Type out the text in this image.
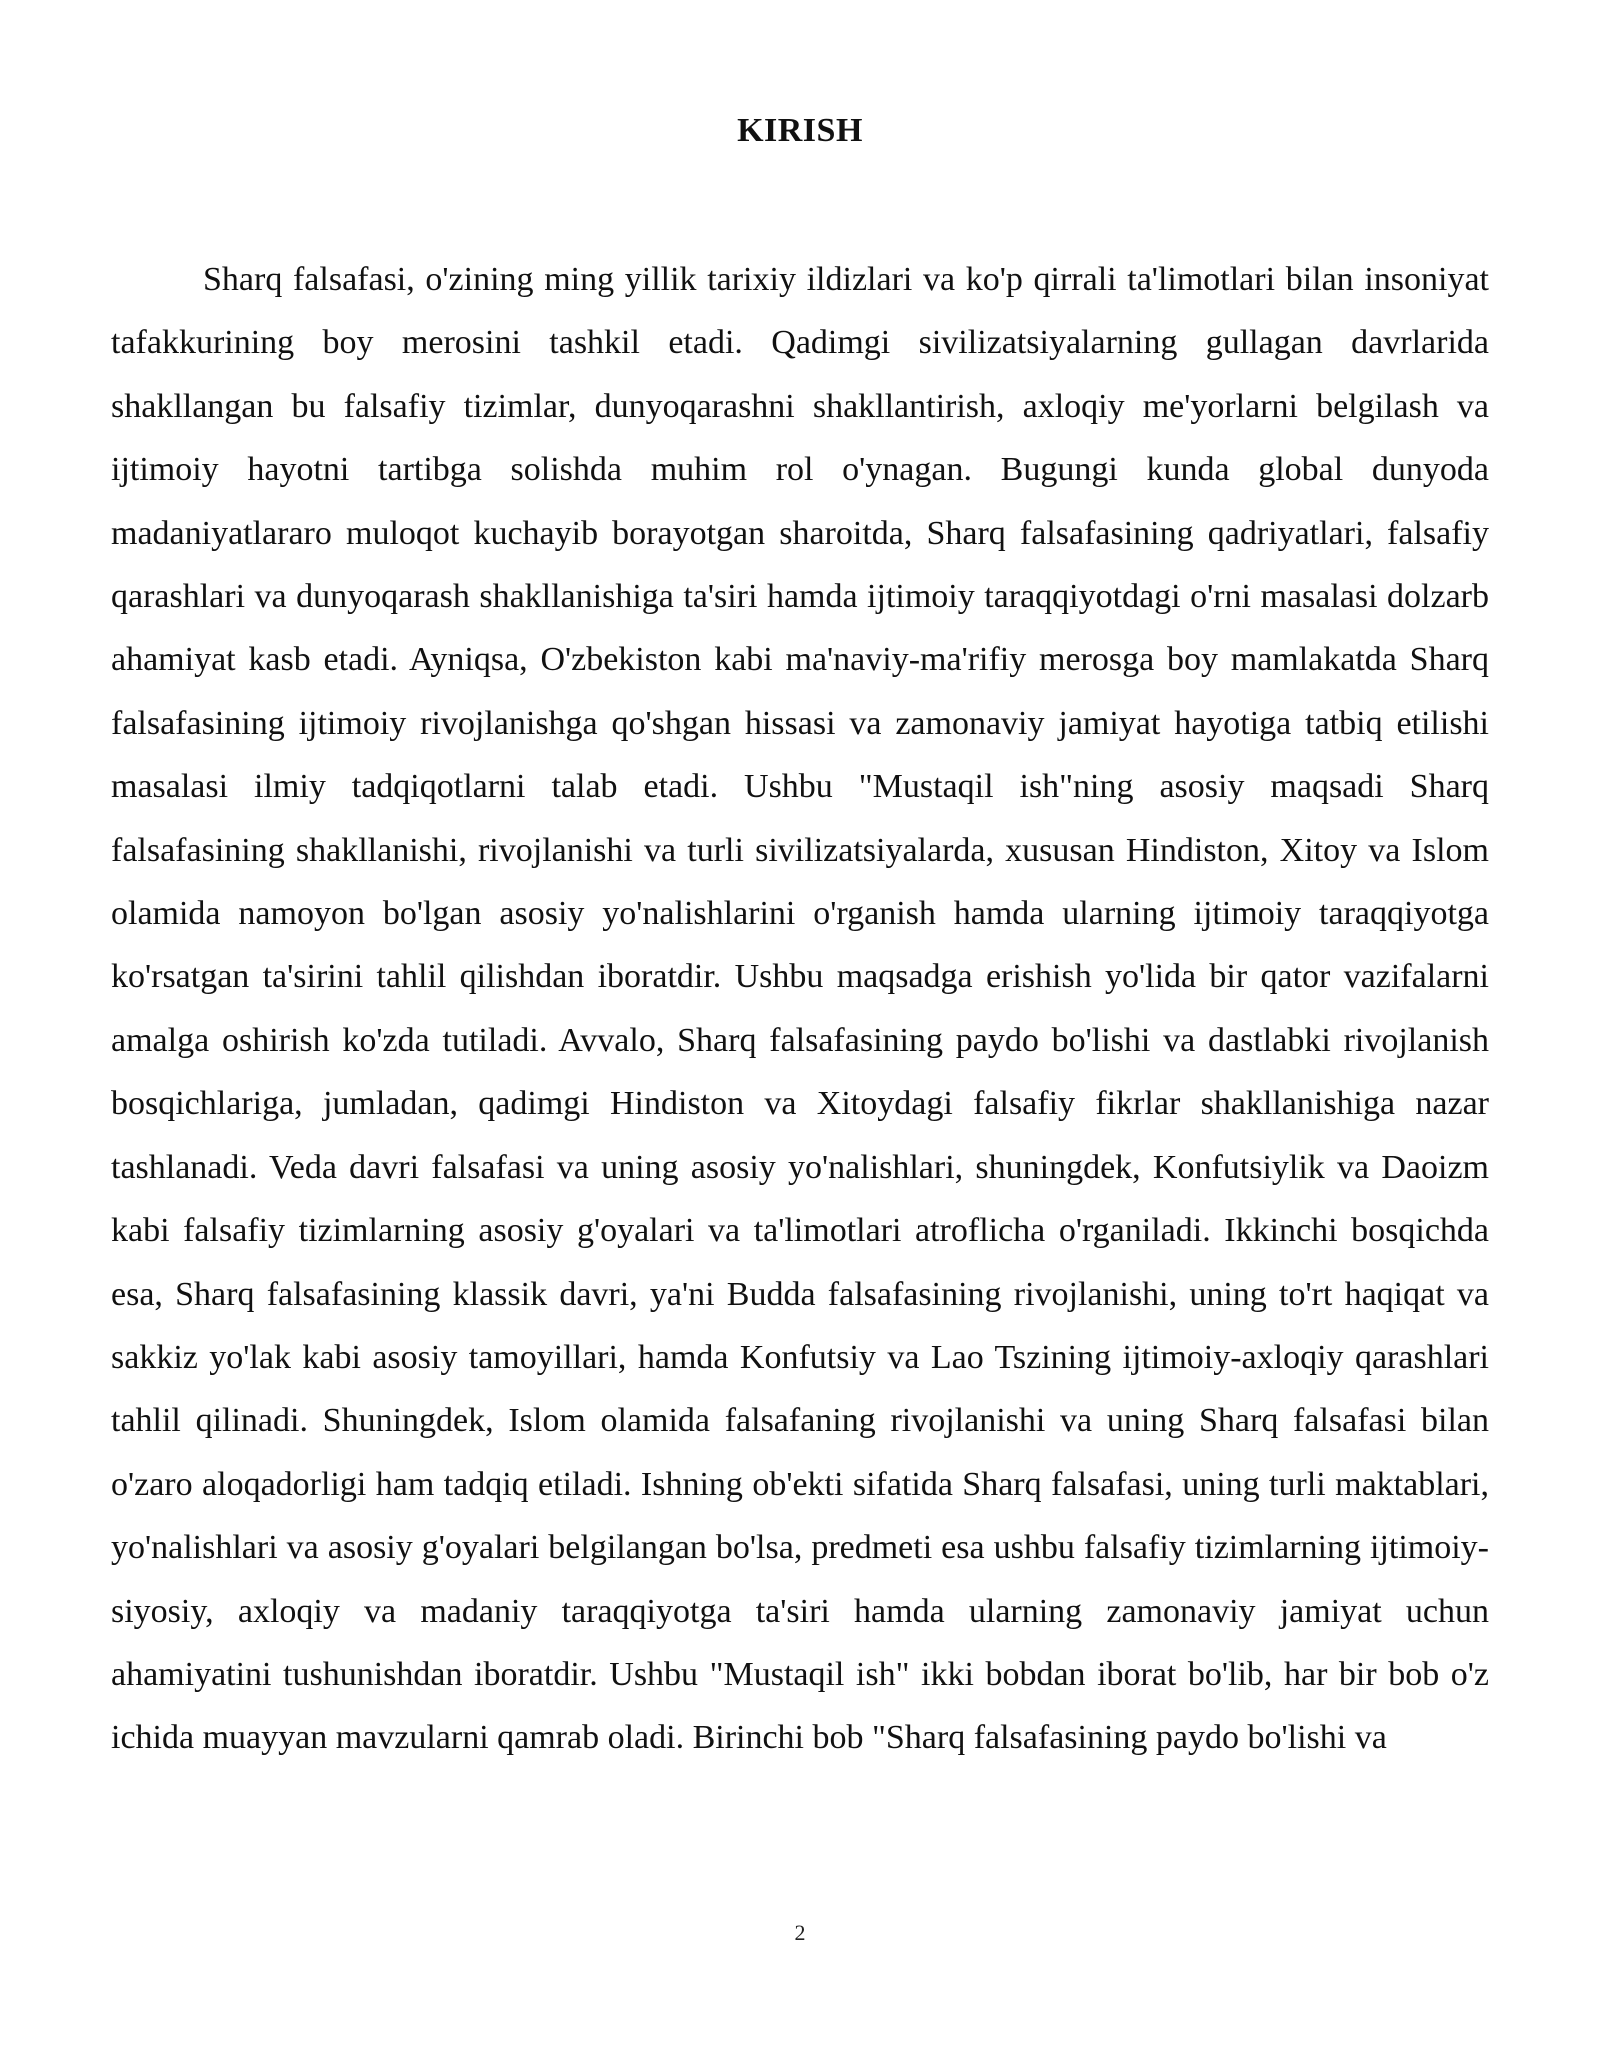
KIRISH

Sharq falsafasi, o'zining ming yillik tarixiy ildizlari va ko'p qirrali ta'limotlari bilan insoniyat tafakkurining boy merosini tashkil etadi. Qadimgi sivilizatsiyalarning gullagan davrlarida shakllangan bu falsafiy tizimlar, dunyoqarashni shakllantirish, axloqiy me'yorlarni belgilash va ijtimoiy hayotni tartibga solishda muhim rol o'ynagan. Bugungi kunda global dunyoda madaniyatlararo muloqot kuchayib borayotgan sharoitda, Sharq falsafasining qadriyatlari, falsafiy qarashlari va dunyoqarash shakllanishiga ta'siri hamda ijtimoiy taraqqiyotdagi o'rni masalasi dolzarb ahamiyat kasb etadi. Ayniqsa, O'zbekiston kabi ma'naviy-ma'rifiy merosga boy mamlakatda Sharq falsafasining ijtimoiy rivojlanishga qo'shgan hissasi va zamonaviy jamiyat hayotiga tatbiq etilishi masalasi ilmiy tadqiqotlarni talab etadi. Ushbu "Mustaqil ish"ning asosiy maqsadi Sharq falsafasining shakllanishi, rivojlanishi va turli sivilizatsiyalarda, xususan Hindiston, Xitoy va Islom olamida namoyon bo'lgan asosiy yo'nalishlarini o'rganish hamda ularning ijtimoiy taraqqiyotga ko'rsatgan ta'sirini tahlil qilishdan iboratdir. Ushbu maqsadga erishish yo'lida bir qator vazifalarni amalga oshirish ko'zda tutiladi. Avvalo, Sharq falsafasining paydo bo'lishi va dastlabki rivojlanish bosqichlariga, jumladan, qadimgi Hindiston va Xitoydagi falsafiy fikrlar shakllanishiga nazar tashlanadi. Veda davri falsafasi va uning asosiy yo'nalishlari, shuningdek, Konfutsiylik va Daoizm kabi falsafiy tizimlarning asosiy g'oyalari va ta'limotlari atroflicha o'rganiladi. Ikkinchi bosqichda esa, Sharq falsafasining klassik davri, ya'ni Budda falsafasining rivojlanishi, uning to'rt haqiqat va sakkiz yo'lak kabi asosiy tamoyillari, hamda Konfutsiy va Lao Tszining ijtimoiy-axloqiy qarashlari tahlil qilinadi. Shuningdek, Islom olamida falsafaning rivojlanishi va uning Sharq falsafasi bilan o'zaro aloqadorligi ham tadqiq etiladi. Ishning ob'ekti sifatida Sharq falsafasi, uning turli maktablari, yo'nalishlari va asosiy g'oyalari belgilangan bo'lsa, predmeti esa ushbu falsafiy tizimlarning ijtimoiy-siyosiy, axloqiy va madaniy taraqqiyotga ta'siri hamda ularning zamonaviy jamiyat uchun ahamiyatini tushunishdan iboratdir. Ushbu "Mustaqil ish" ikki bobdan iborat bo'lib, har bir bob o'z ichida muayyan mavzularni qamrab oladi. Birinchi bob "Sharq falsafasining paydo bo'lishi va

2
